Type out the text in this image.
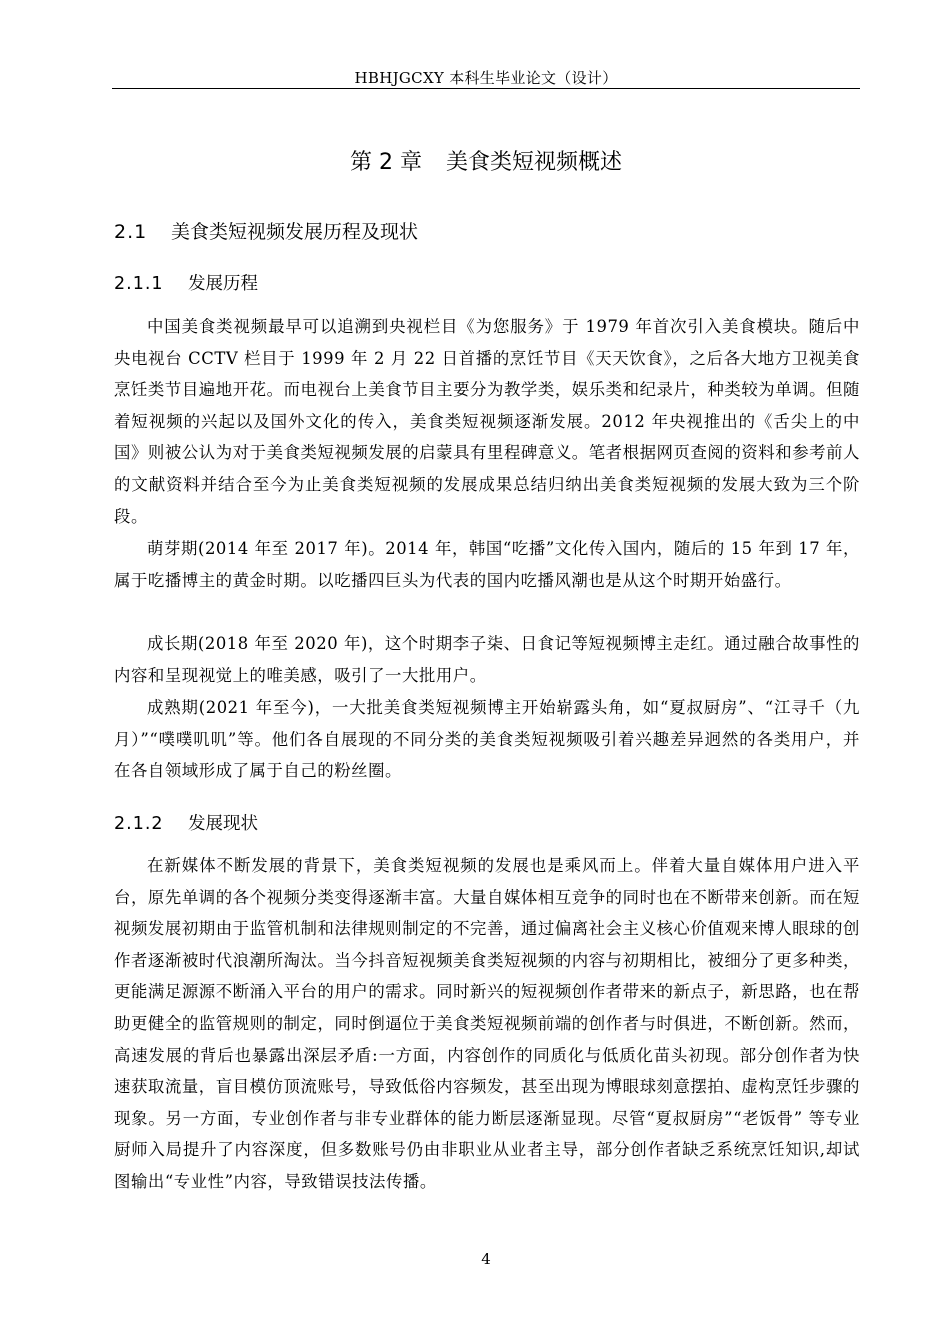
HBHJGCXY 本科生毕业论文（设计）
第 2 章 美食类短视频概述
2.1 美食类短视频发展历程及现状
2.1.1 发展历程

中国美食类视频最早可以追溯到央视栏目《为您服务》于 1979 年首次引入美食模块。随后中央电视台 CCTV 栏目于 1999 年 2 月 22 日首播的烹饪节目《天天饮食》，之后各大地方卫视美食烹饪类节目遍地开花。而电视台上美食节目主要分为教学类，娱乐类和纪录片，种类较为单调。但随着短视频的兴起以及国外文化的传入，美食类短视频逐渐发展。2012 年央视推出的《舌尖上的中国》则被公认为对于美食类短视频发展的启蒙具有里程碑意义。笔者根据网页查阅的资料和参考前人的文献资料并结合至今为止美食类短视频的发展成果总结归纳出美食类短视频的发展大致为三个阶段。

萌芽期(2014 年至 2017 年)。2014 年，韩国“吃播”文化传入国内，随后的 15 年到 17 年，属于吃播博主的黄金时期。以吃播四巨头为代表的国内吃播风潮也是从这个时期开始盛行。

成长期(2018 年至 2020 年)，这个时期李子柒、日食记等短视频博主走红。通过融合故事性的内容和呈现视觉上的唯美感，吸引了一大批用户。

成熟期(2021 年至今)，一大批美食类短视频博主开始崭露头角，如“夏叔厨房”、“江寻千（九月）”“噗噗叽叽”等。他们各自展现的不同分类的美食类短视频吸引着兴趣差异迥然的各类用户，并在各自领域形成了属于自己的粉丝圈。

2.1.2 发展现状

在新媒体不断发展的背景下，美食类短视频的发展也是乘风而上。伴着大量自媒体用户进入平台，原先单调的各个视频分类变得逐渐丰富。大量自媒体相互竞争的同时也在不断带来创新。而在短视频发展初期由于监管机制和法律规则制定的不完善，通过偏离社会主义核心价值观来博人眼球的创作者逐渐被时代浪潮所淘汰。当今抖音短视频美食类短视频的内容与初期相比，被细分了更多种类，更能满足源源不断涌入平台的用户的需求。同时新兴的短视频创作者带来的新点子，新思路，也在帮助更健全的监管规则的制定，同时倒逼位于美食类短视频前端的创作者与时俱进，不断创新。然而，高速发展的背后也暴露出深层矛盾:一方面，内容创作的同质化与低质化苗头初现。部分创作者为快速获取流量，盲目模仿顶流账号，导致低俗内容频发，甚至出现为博眼球刻意摆拍、虚构烹饪步骤的现象。另一方面，专业创作者与非专业群体的能力断层逐渐显现。尽管“夏叔厨房”“老饭骨” 等专业厨师入局提升了内容深度，但多数账号仍由非职业从业者主导，部分创作者缺乏系统烹饪知识,却试图输出“专业性”内容，导致错误技法传播。

4
